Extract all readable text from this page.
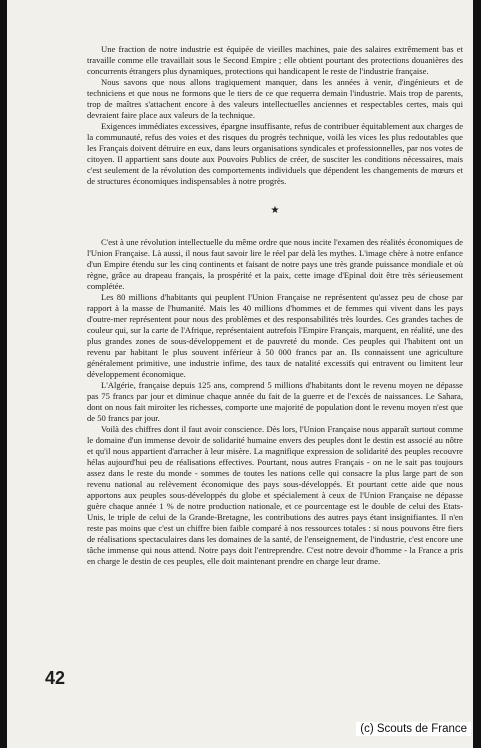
Une fraction de notre industrie est équipée de vieilles machines, paie des salaires extrêmement bas et travaille comme elle travaillait sous le Second Empire ; elle obtient pourtant des protections douanières des concurrents étrangers plus dynamiques, protections qui handicapent le reste de l'industrie française.

Nous savons que nous allons tragiquement manquer, dans les années à venir, d'ingénieurs et de techniciens et que nous ne formons que le tiers de ce que requerra demain l'industrie. Mais trop de parents, trop de maîtres s'attachent encore à des valeurs intellectuelles anciennes et respectables certes, mais qui devraient faire place aux valeurs de la technique.

Exigences immédiates excessives, épargne insuffisante, refus de contribuer équitablement aux charges de la communauté, refus des voies et des risques du progrès technique, voilà les vices les plus redoutables que les Français doivent détruire en eux, dans leurs organisations syndicales et professionnelles, par nos votes de citoyen. Il appartient sans doute aux Pouvoirs Publics de créer, de susciter les conditions nécessaires, mais c'est seulement de la révolution des comportements individuels que dépendent les changements de mœurs et de structures économiques indispensables à notre progrès.

★

C'est à une révolution intellectuelle du même ordre que nous incite l'examen des réalités économiques de l'Union Française. Là aussi, il nous faut savoir lire le réel par delà les mythes. L'image chère à notre enfance d'un Empire étendu sur les cinq continents et faisant de notre pays une très grande puissance mondiale et où règne, grâce au drapeau français, la prospérité et la paix, cette image d'Epinal doit être très sérieusement complétée.

Les 80 millions d'habitants qui peuplent l'Union Française ne représentent qu'assez peu de chose par rapport à la masse de l'humanité. Mais les 40 millions d'hommes et de femmes qui vivent dans les pays d'outre-mer représentent pour nous des problèmes et des responsabilités très lourdes. Ces grandes taches de couleur qui, sur la carte de l'Afrique, représentaient autrefois l'Empire Français, marquent, en réalité, une des plus grandes zones de sous-développement et de pauvreté du monde. Ces peuples qui l'habitent ont un revenu par habitant le plus souvent inférieur à 50 000 francs par an. Ils connaissent une agriculture généralement primitive, une industrie infime, des taux de natalité excessifs qui entravent ou limitent leur développement économique.

L'Algérie, française depuis 125 ans, comprend 5 millions d'habitants dont le revenu moyen ne dépasse pas 75 francs par jour et diminue chaque année du fait de la guerre et de l'excès de naissances. Le Sahara, dont on nous fait miroiter les richesses, comporte une majorité de population dont le revenu moyen n'est que de 50 francs par jour.

Voilà des chiffres dont il faut avoir conscience. Dès lors, l'Union Française nous apparaît surtout comme le domaine d'un immense devoir de solidarité humaine envers des peuples dont le destin est associé au nôtre et qu'il nous appartient d'arracher à leur misère. La magnifique expression de solidarité des peuples recouvre hélas aujourd'hui peu de réalisations effectives. Pourtant, nous autres Français - on ne le sait pas toujours assez dans le reste du monde - sommes de toutes les nations celle qui consacre la plus large part de son revenu national au relèvement économique des pays sous-développés. Et pourtant cette aide que nous apportons aux peuples sous-développés du globe et spécialement à ceux de l'Union Française ne dépasse guère chaque année 1 % de notre production nationale, et ce pourcentage est le double de celui des Etats-Unis, le triple de celui de la Grande-Bretagne, les contributions des autres pays étant insignifiantes. Il n'en reste pas moins que c'est un chiffre bien faible comparé à nos ressources totales : si nous pouvons être fiers de réalisations spectaculaires dans les domaines de la santé, de l'enseignement, de l'industrie, c'est encore une tâche immense qui nous attend. Notre pays doit l'entreprendre. C'est notre devoir d'homme - la France a pris en charge le destin de ces peuples, elle doit maintenant prendre en charge leur drame.

42
(c) Scouts de France
